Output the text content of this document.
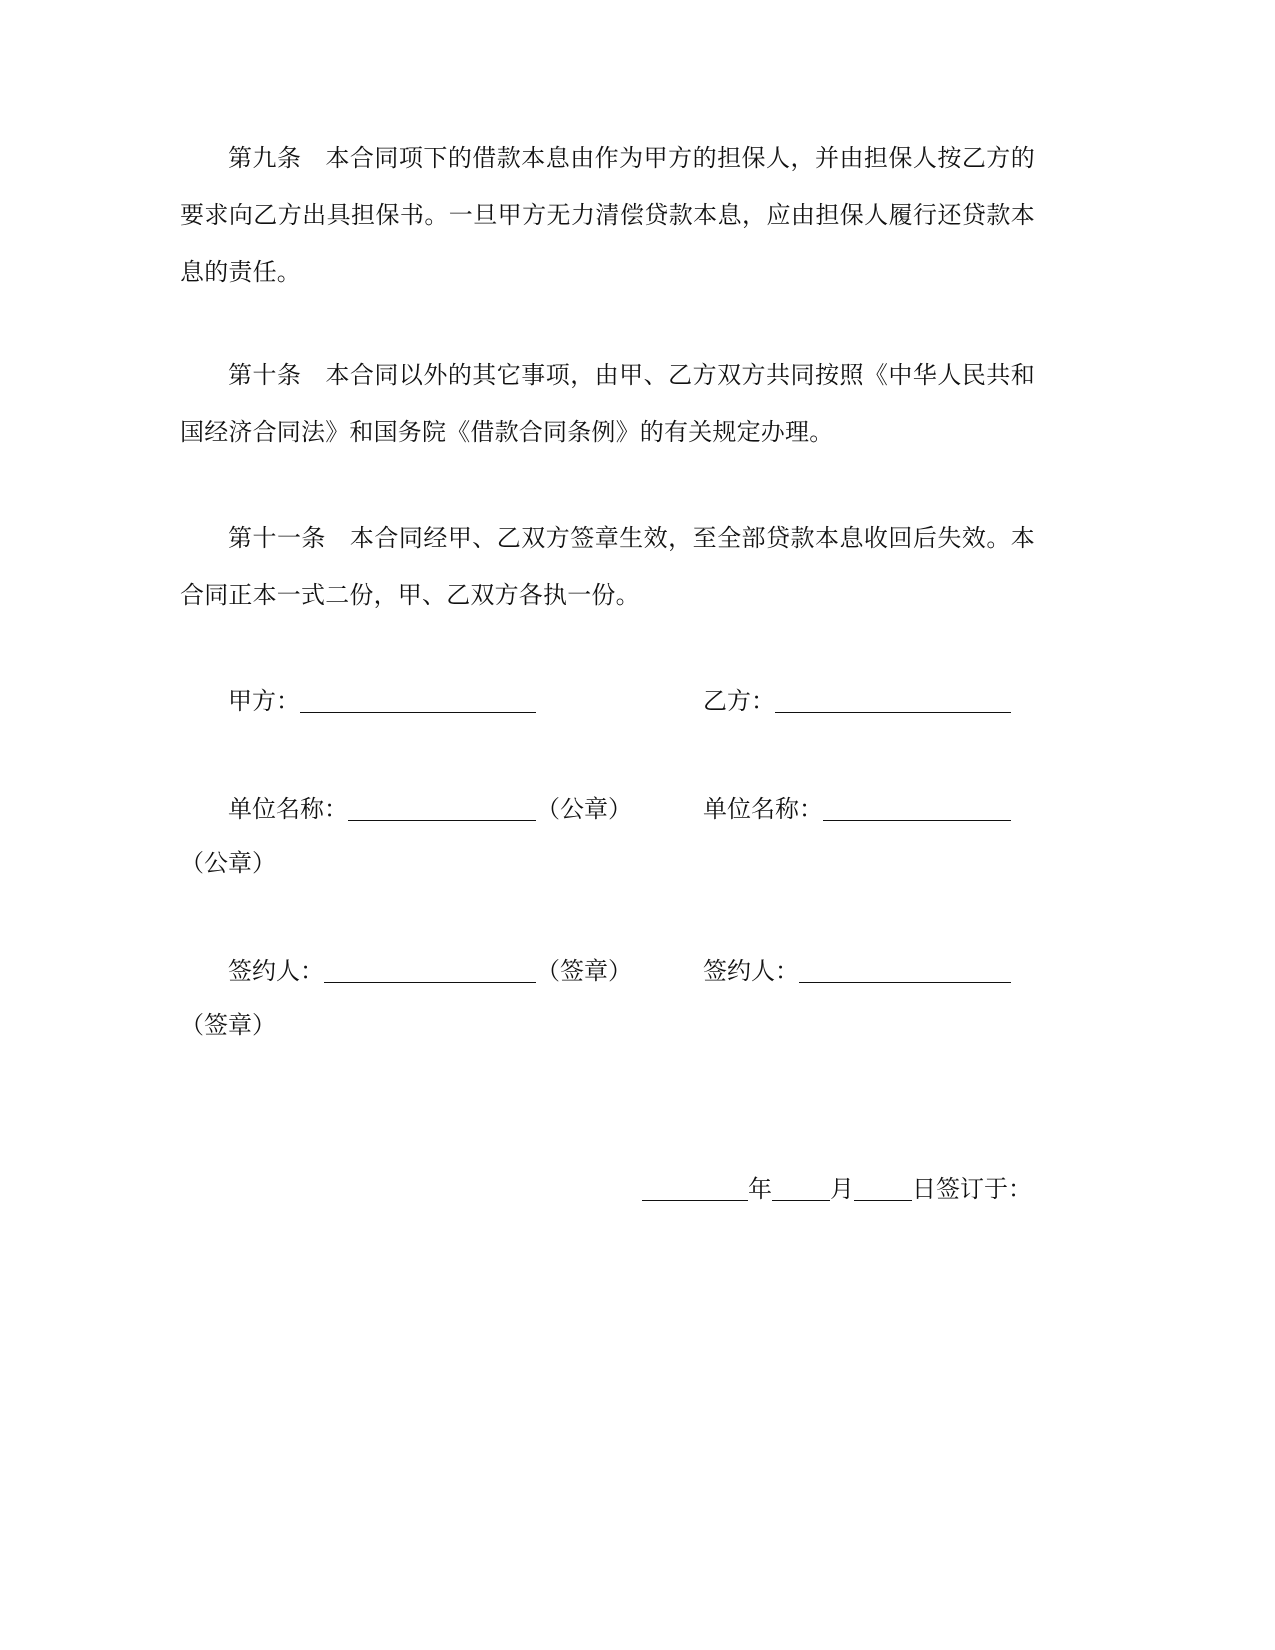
第九条 本合同项下的借款本息由作为甲方的担保人，并由担保人按乙方的要求向乙方出具担保书。一旦甲方无力清偿贷款本息，应由担保人履行还贷款本息的责任。

第十条 本合同以外的其它事项，由甲、乙方双方共同按照《中华人民共和国经济合同法》和国务院《借款合同条例》的有关规定办理。

第十一条 本合同经甲、乙双方签章生效，至全部贷款本息收回后失效。本合同正本一式二份，甲、乙双方各执一份。

甲方：	乙方：
单位名称：	（公章）	单位名称：
（公章）
签约人：	（签章）	签约人：
（签章）
年 月 日签订于：
